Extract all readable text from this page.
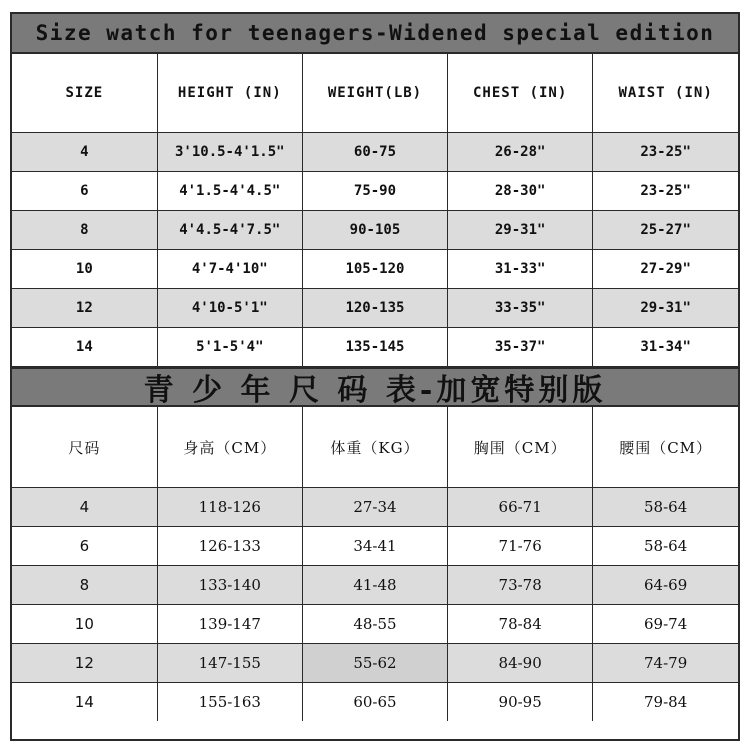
Size watch for teenagers-Widened special edition
SIZE	HEIGHT (IN)	WEIGHT(LB)	CHEST (IN)	WAIST (IN)
4	3'10.5-4'1.5"	60-75	26-28"	23-25"
6	4'1.5-4'4.5"	75-90	28-30"	23-25"
8	4'4.5-4'7.5"	90-105	29-31"	25-27"
10	4'7-4'10"	105-120	31-33"	27-29"
12	4'10-5'1"	120-135	33-35"	29-31"
14	5'1-5'4"	135-145	35-37"	31-34"
青 少 年 尺 码 表-加宽特别版
尺码	身高（CM）	体重（KG）	胸围（CM）	腰围（CM）
4	118-126	27-34	66-71	58-64
6	126-133	34-41	71-76	58-64
8	133-140	41-48	73-78	64-69
10	139-147	48-55	78-84	69-74
12	147-155	55-62	84-90	74-79
14	155-163	60-65	90-95	79-84
